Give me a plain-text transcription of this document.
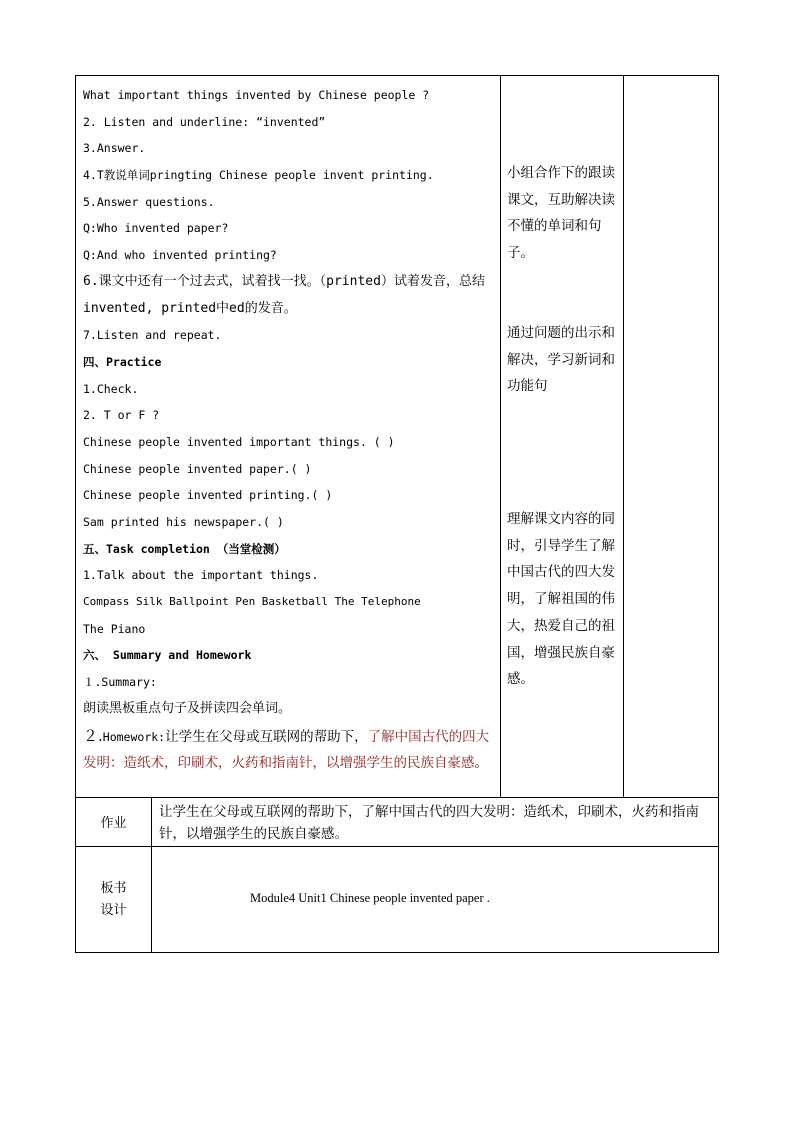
What important things invented by Chinese people ?
2. Listen and underline: “invented”
3.Answer.
4.T教说单词pringting Chinese people invent printing.
5.Answer questions.
Q:Who invented paper?
Q:And who invented printing?
6.课文中还有一个过去式，试着找一找。（printed）试着发音，总结invented, printed中ed的发音。
7.Listen and repeat.
四、Practice
1.Check.
2. T or F ?
Chinese people invented important things. ( )
Chinese people invented paper.( )
Chinese people invented printing.( )
Sam printed his newspaper.( )
五、Task completion （当堂检测）
1.Talk about the important things.
Compass Silk Ballpoint Pen Basketball The Telephone
The Piano
六、 Summary and Homework
１.Summary:
朗读黑板重点句子及拼读四会单词。
２.Homework:让学生在父母或互联网的帮助下，了解中国古代的四大发明：造纸术，印刷术，火药和指南针，以增强学生的民族自豪感。
小组合作下的跟读课文，互助解决读不懂的单词和句子。
通过问题的出示和解决，学习新词和功能句
理解课文内容的同时，引导学生了解中国古代的四大发明，了解祖国的伟大，热爱自己的祖国，增强民族自豪感。
作业
让学生在父母或互联网的帮助下，了解中国古代的四大发明：造纸术，印刷术，火药和指南针，以增强学生的民族自豪感。
板书
设计
Module4 Unit1 Chinese people invented paper .
